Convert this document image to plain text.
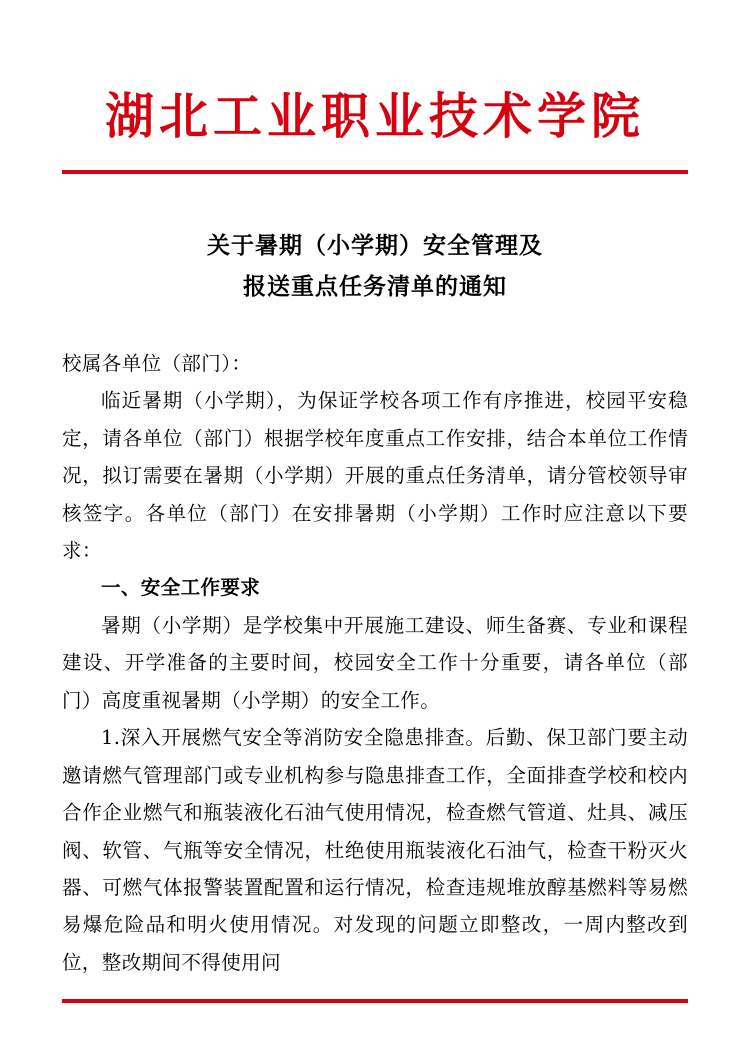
湖北工业职业技术学院
关于暑期（小学期）安全管理及
报送重点任务清单的通知

校属各单位（部门）：

临近暑期（小学期），为保证学校各项工作有序推进，校园平安稳定，请各单位（部门）根据学校年度重点工作安排，结合本单位工作情况，拟订需要在暑期（小学期）开展的重点任务清单，请分管校领导审核签字。各单位（部门）在安排暑期（小学期）工作时应注意以下要求：

一、安全工作要求

暑期（小学期）是学校集中开展施工建设、师生备赛、专业和课程建设、开学准备的主要时间，校园安全工作十分重要，请各单位（部门）高度重视暑期（小学期）的安全工作。

1.深入开展燃气安全等消防安全隐患排查。后勤、保卫部门要主动邀请燃气管理部门或专业机构参与隐患排查工作，全面排查学校和校内合作企业燃气和瓶装液化石油气使用情况，检查燃气管道、灶具、减压阀、软管、气瓶等安全情况，杜绝使用瓶装液化石油气，检查干粉灭火器、可燃气体报警装置配置和运行情况，检查违规堆放醇基燃料等易燃易爆危险品和明火使用情况。对发现的问题立即整改，一周内整改到位，整改期间不得使用问
